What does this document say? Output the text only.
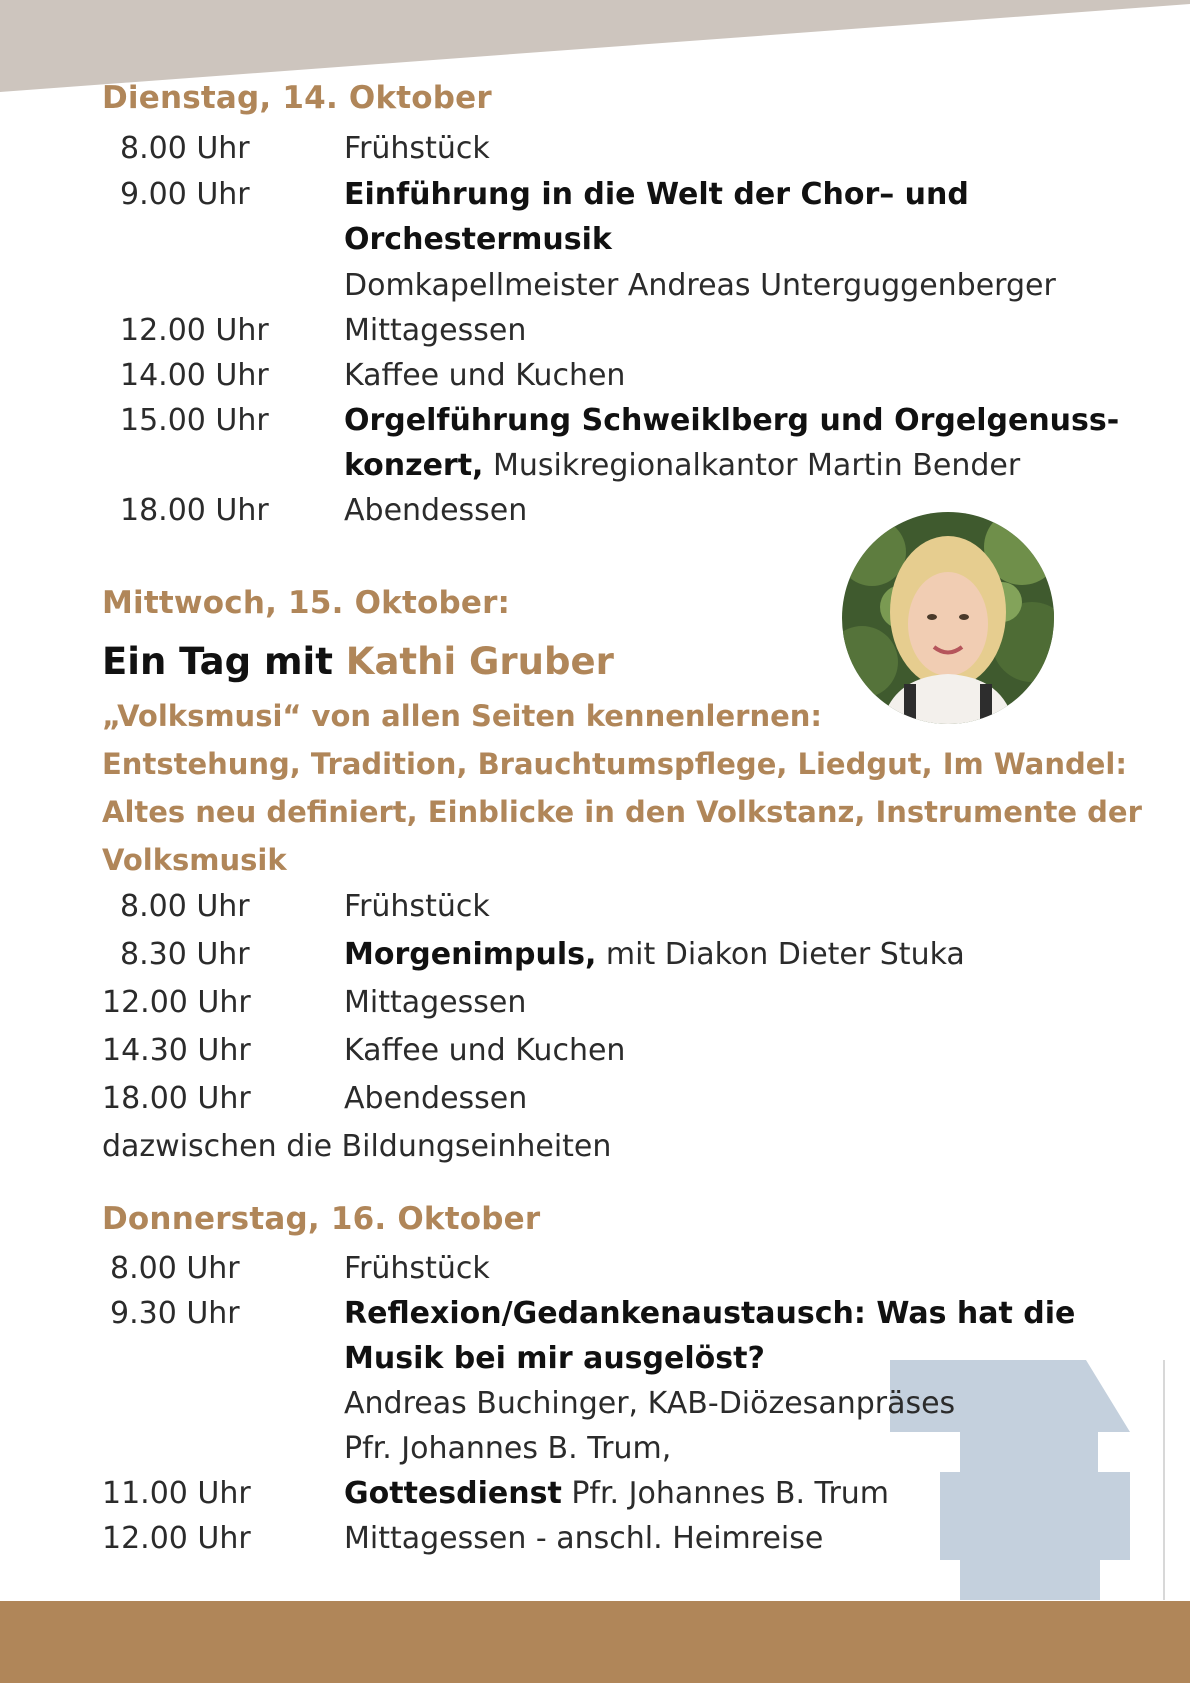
Dienstag, 14. Oktober
8.00 Uhr	Frühstück
9.00 Uhr	Einführung in die Welt der Chor– und
Orchestermusik
Domkapellmeister Andreas Unterguggenberger
12.00 Uhr	Mittagessen
14.00 Uhr	Kaffee und Kuchen
15.00 Uhr	Orgelführung Schweiklberg und Orgelgenuss-
konzert, Musikregionalkantor Martin Bender
18.00 Uhr	Abendessen
Mittwoch, 15. Oktober:
Ein Tag mit Kathi Gruber
„Volksmusi“ von allen Seiten kennenlernen:
Entstehung, Tradition, Brauchtumspflege, Liedgut, Im Wandel:
Altes neu definiert, Einblicke in den Volkstanz, Instrumente der
Volksmusik
8.00 Uhr	Frühstück
8.30 Uhr	Morgenimpuls, mit Diakon Dieter Stuka
12.00 Uhr	Mittagessen
14.30 Uhr	Kaffee und Kuchen
18.00 Uhr	Abendessen
dazwischen die Bildungseinheiten
Donnerstag, 16. Oktober
8.00 Uhr	Frühstück
9.30 Uhr	Reflexion/Gedankenaustausch: Was hat die
Musik bei mir ausgelöst?
Andreas Buchinger, KAB-Diözesanpräses
Pfr. Johannes B. Trum,
11.00 Uhr	Gottesdienst Pfr. Johannes B. Trum
12.00 Uhr	Mittagessen - anschl. Heimreise
